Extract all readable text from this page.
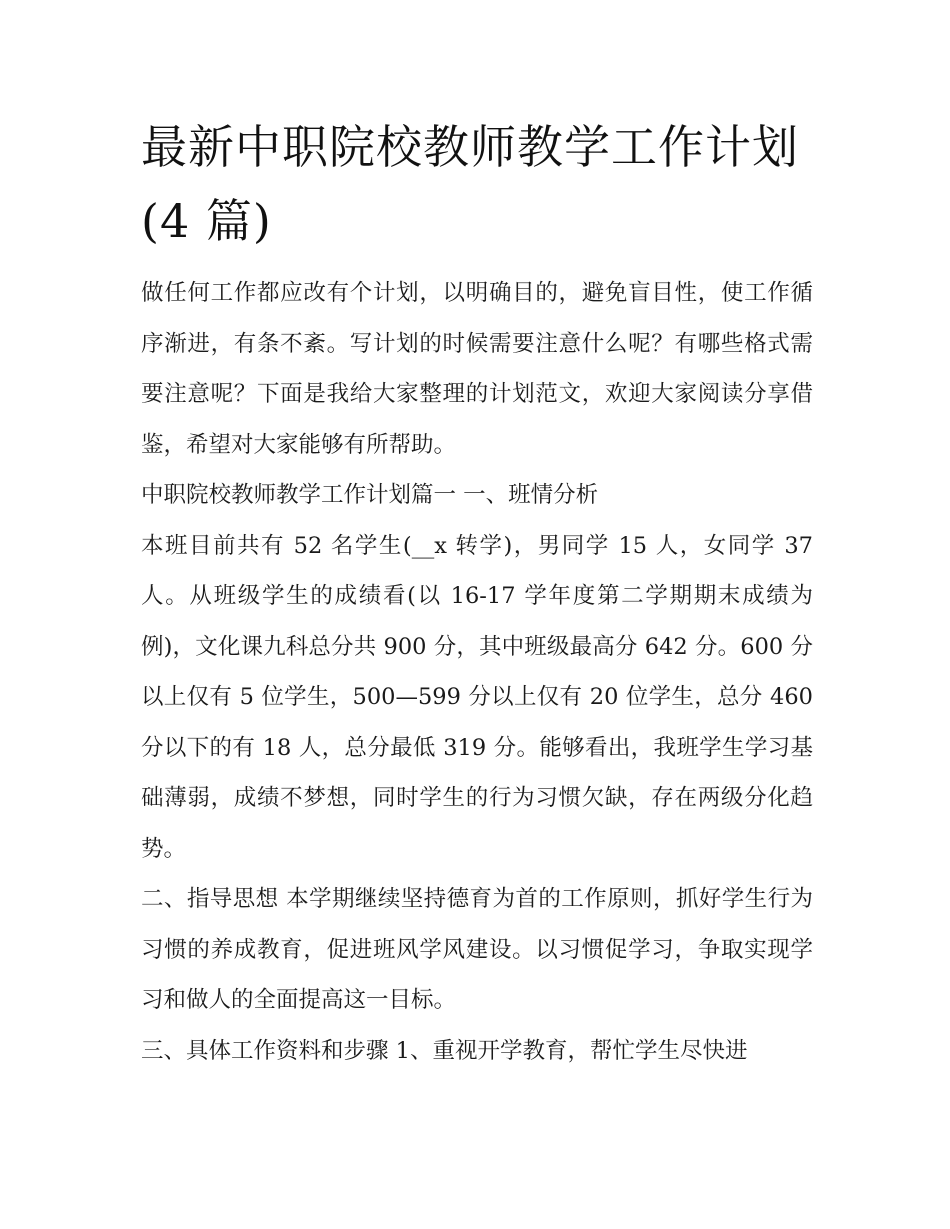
最新中职院校教师教学工作计划(4 篇)

做任何工作都应改有个计划，以明确目的，避免盲目性，使工作循序渐进，有条不紊。写计划的时候需要注意什么呢？有哪些格式需要注意呢？下面是我给大家整理的计划范文，欢迎大家阅读分享借鉴，希望对大家能够有所帮助。

中职院校教师教学工作计划篇一 一、班情分析

本班目前共有 52 名学生(__x 转学)，男同学 15 人，女同学 37 人。从班级学生的成绩看(以 16-17 学年度第二学期期末成绩为例)，文化课九科总分共 900 分，其中班级最高分 642 分。600 分以上仅有 5 位学生，500—599 分以上仅有 20 位学生，总分 460 分以下的有 18 人，总分最低 319 分。能够看出，我班学生学习基础薄弱，成绩不梦想，同时学生的行为习惯欠缺，存在两级分化趋势。

二、指导思想 本学期继续坚持德育为首的工作原则，抓好学生行为习惯的养成教育，促进班风学风建设。以习惯促学习，争取实现学习和做人的全面提高这一目标。

三、具体工作资料和步骤 1、重视开学教育，帮忙学生尽快进
